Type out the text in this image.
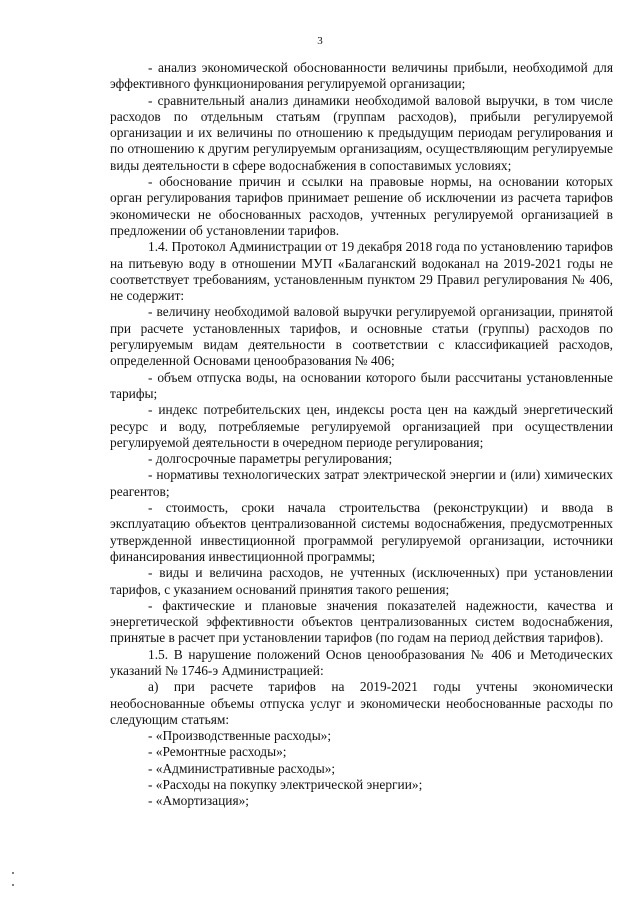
3

- анализ экономической обоснованности величины прибыли, необходимой для эффективного функционирования регулируемой организации;

- сравнительный анализ динамики необходимой валовой выручки, в том числе расходов по отдельным статьям (группам расходов), прибыли регулируемой организации и их величины по отношению к предыдущим периодам регулирования и по отношению к другим регулируемым организациям, осуществляющим регулируемые виды деятельности в сфере водоснабжения в сопоставимых условиях;

- обоснование причин и ссылки на правовые нормы, на основании которых орган регулирования тарифов принимает решение об исключении из расчета тарифов экономически не обоснованных расходов, учтенных регулируемой организацией в предложении об установлении тарифов.

1.4. Протокол Администрации от 19 декабря 2018 года по установлению тарифов на питьевую воду в отношении МУП «Балаганский водоканал на 2019-2021 годы не соответствует требованиям, установленным пунктом 29 Правил регулирования № 406, не содержит:

- величину необходимой валовой выручки регулируемой организации, принятой при расчете установленных тарифов, и основные статьи (группы) расходов по регулируемым видам деятельности в соответствии с классификацией расходов, определенной Основами ценообразования № 406;

- объем отпуска воды, на основании которого были рассчитаны установленные тарифы;

- индекс потребительских цен, индексы роста цен на каждый энергетический ресурс и воду, потребляемые регулируемой организацией при осуществлении регулируемой деятельности в очередном периоде регулирования;

- долгосрочные параметры регулирования;

- нормативы технологических затрат электрической энергии и (или) химических реагентов;

- стоимость, сроки начала строительства (реконструкции) и ввода в эксплуатацию объектов централизованной системы водоснабжения, предусмотренных утвержденной инвестиционной программой регулируемой организации, источники финансирования инвестиционной программы;

- виды и величина расходов, не учтенных (исключенных) при установлении тарифов, с указанием оснований принятия такого решения;

- фактические и плановые значения показателей надежности, качества и энергетической эффективности объектов централизованных систем водоснабжения, принятые в расчет при установлении тарифов (по годам на период действия тарифов).

1.5. В нарушение положений Основ ценообразования № 406 и Методических указаний № 1746-э Администрацией:

а) при расчете тарифов на 2019-2021 годы учтены экономически необоснованные объемы отпуска услуг и экономически необоснованные расходы по следующим статьям:

- «Производственные расходы»;

- «Ремонтные расходы»;

- «Административные расходы»;

- «Расходы на покупку электрической энергии»;

- «Амортизация»;
